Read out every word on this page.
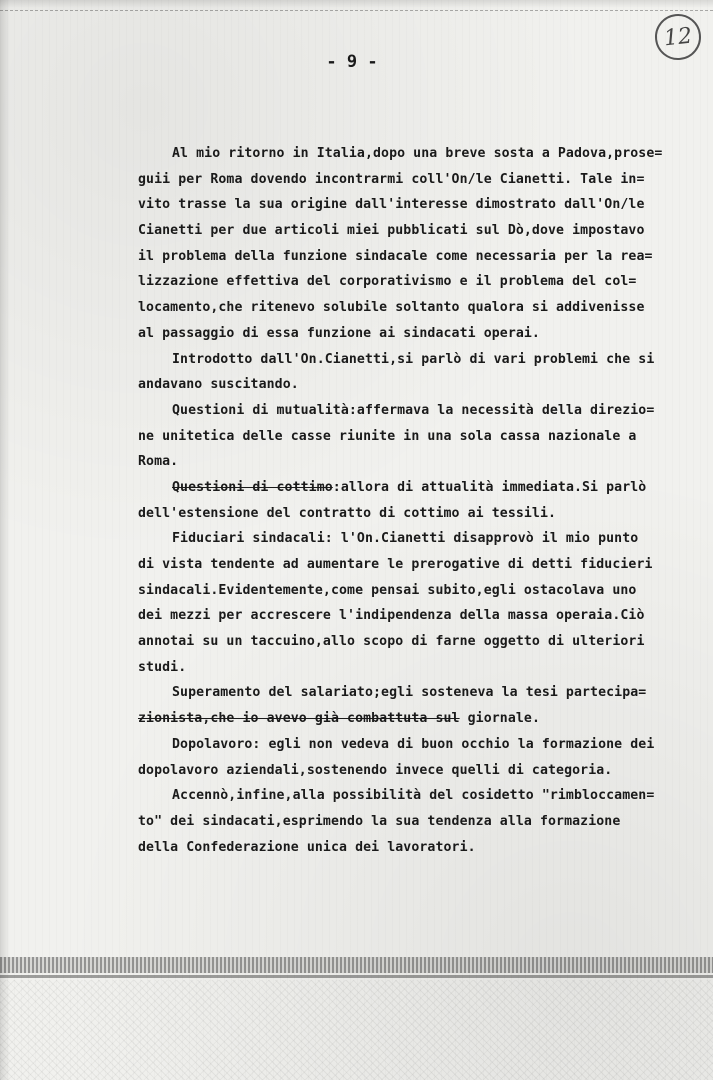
- 9 -
12
Al mio ritorno in Italia,dopo una breve sosta a Padova,prose=
guii per Roma dovendo incontrarmi coll'On/le Cianetti. Tale in=
vito trasse la sua origine dall'interesse dimostrato dall'On/le
Cianetti per due articoli miei pubblicati sul Dò,dove impostavo
il problema della funzione sindacale come necessaria per la rea=
lizzazione effettiva del corporativismo e il problema del col=
locamento,che ritenevo solubile soltanto qualora si addivenisse
al passaggio di essa funzione ai sindacati operai.
Introdotto dall'On.Cianetti,si parlò di vari problemi che si
andavano suscitando.
Questioni di mutualità:affermava la necessità della direzio=
ne unitetica delle casse riunite in una sola cassa nazionale a
Roma.
Questioni di cottimo:allora di attualità immediata.Si parlò
dell'estensione del contratto di cottimo ai tessili.
Fiduciari sindacali: l'On.Cianetti disapprovò il mio punto
di vista tendente ad aumentare le prerogative di detti fiducieri
sindacali.Evidentemente,come pensai subito,egli ostacolava uno
dei mezzi per accrescere l'indipendenza della massa operaia.Ciò
annotai su un taccuino,allo scopo di farne oggetto di ulteriori
studi.
Superamento del salariato;egli sosteneva la tesi partecipa=
zionista,che io avevo già combattuta sul giornale.
Dopolavoro: egli non vedeva di buon occhio la formazione dei
dopolavoro aziendali,sostenendo invece quelli di categoria.
Accennò,infine,alla possibilità del cosidetto "rimbloccamen=
to" dei sindacati,esprimendo la sua tendenza alla formazione
della Confederazione unica dei lavoratori.
